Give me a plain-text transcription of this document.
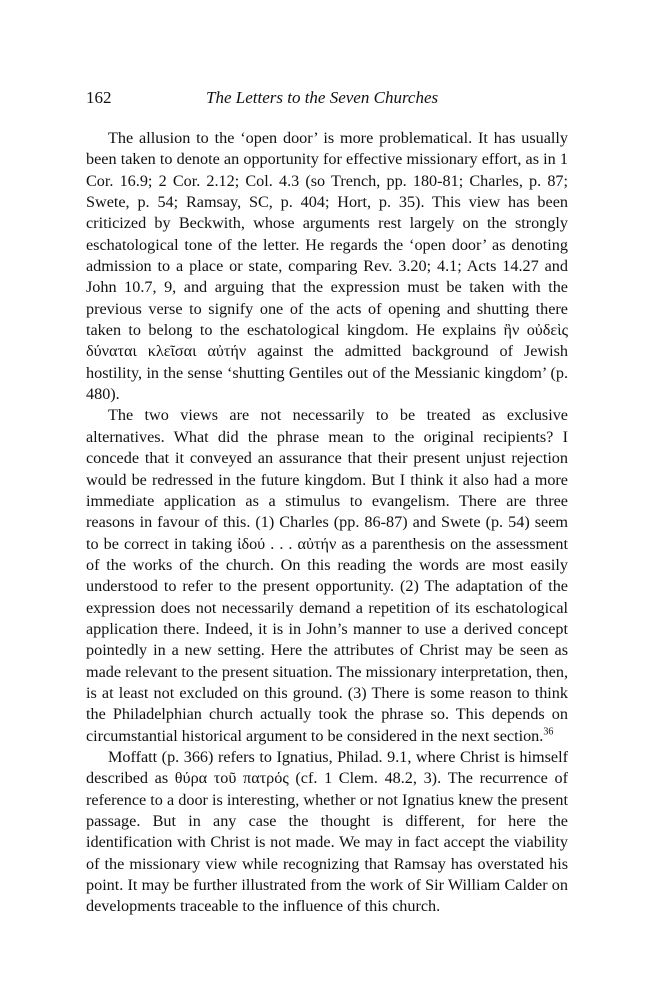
162	The Letters to the Seven Churches

The allusion to the ‘open door’ is more problematical. It has usually been taken to denote an opportunity for effective missionary effort, as in 1 Cor. 16.9; 2 Cor. 2.12; Col. 4.3 (so Trench, pp. 180-81; Charles, p. 87; Swete, p. 54; Ramsay, SC, p. 404; Hort, p. 35). This view has been criticized by Beckwith, whose arguments rest largely on the strongly eschatological tone of the letter. He regards the ‘open door’ as denoting admission to a place or state, comparing Rev. 3.20; 4.1; Acts 14.27 and John 10.7, 9, and arguing that the expression must be taken with the previous verse to signify one of the acts of opening and shutting there taken to belong to the eschatological kingdom. He explains ἣν οὐδεὶς δύναται κλεῖσαι αὐτήν against the admitted background of Jewish hostility, in the sense ‘shutting Gentiles out of the Messianic kingdom’ (p. 480).

The two views are not necessarily to be treated as exclusive alternatives. What did the phrase mean to the original recipients? I concede that it conveyed an assurance that their present unjust rejection would be redressed in the future kingdom. But I think it also had a more immediate application as a stimulus to evangelism. There are three reasons in favour of this. (1) Charles (pp. 86-87) and Swete (p. 54) seem to be correct in taking ἰδού . . . αὐτήν as a parenthesis on the assessment of the works of the church. On this reading the words are most easily understood to refer to the present opportunity. (2) The adaptation of the expression does not necessarily demand a repetition of its eschatological application there. Indeed, it is in John’s manner to use a derived concept pointedly in a new setting. Here the attributes of Christ may be seen as made relevant to the present situation. The missionary interpretation, then, is at least not excluded on this ground. (3) There is some reason to think the Philadelphian church actually took the phrase so. This depends on circumstantial historical argument to be considered in the next section.$^{36}$

Moffatt (p. 366) refers to Ignatius, Philad. 9.1, where Christ is himself described as θύρα τοῦ πατρός (cf. 1 Clem. 48.2, 3). The recurrence of reference to a door is interesting, whether or not Ignatius knew the present passage. But in any case the thought is different, for here the identification with Christ is not made. We may in fact accept the viability of the missionary view while recognizing that Ramsay has overstated his point. It may be further illustrated from the work of Sir William Calder on developments traceable to the influence of this church.
